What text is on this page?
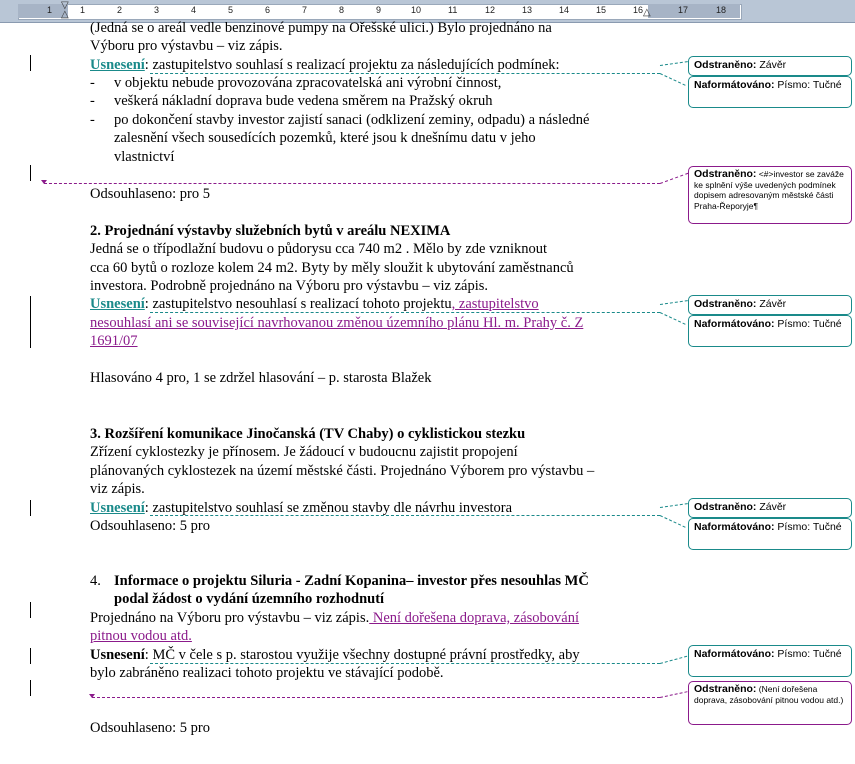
▽
△	△
1	1	2	3	4	5	6	7	8	9	10	11	12	13	14	15	16	17	18
(Jedná se o areál vedle benzinové pumpy na Ořešské ulici.) Bylo projednáno na
Výboru pro výstavbu – viz zápis.
Usnesení: zastupitelstvo souhlasí s realizací projektu za následujících podmínek:
- v objektu nebude provozována zpracovatelská ani výrobní činnost,
- veškerá nákladní doprava bude vedena směrem na Pražský okruh
- po dokončení stavby investor zajistí sanaci (odklizení zeminy, odpadu) a následné
zalesnění všech sousedících pozemků, které jsou k dnešnímu datu v jeho
vlastnictví
Odsouhlaseno: pro 5
2. Projednání výstavby služebních bytů v areálu NEXIMA
Jedná se o třípodlažní budovu o půdorysu cca 740 m2 . Mělo by zde vzniknout
cca 60 bytů o rozloze kolem 24 m2. Byty by měly sloužit k ubytování zaměstnanců
investora. Podrobně projednáno na Výboru pro výstavbu – viz zápis.
Usnesení: zastupitelstvo nesouhlasí s realizací tohoto projektu, zastupitelstvo
nesouhlasí ani se související navrhovanou změnou územního plánu Hl. m. Prahy č. Z
1691/07
Hlasováno 4 pro, 1 se zdržel hlasování – p. starosta Blažek
3. Rozšíření komunikace Jinočanská (TV Chaby) o cyklistickou stezku
Zřízení cyklostezky je přínosem. Je žádoucí v budoucnu zajistit propojení
plánovaných cyklostezek na území městské části. Projednáno Výborem pro výstavbu –
viz zápis.
Usnesení: zastupitelstvo souhlasí se změnou stavby dle návrhu investora
Odsouhlaseno: 5 pro
4. Informace o projektu Siluria - Zadní Kopanina– investor přes nesouhlas MČ
podal žádost o vydání územního rozhodnutí
Projednáno na Výboru pro výstavbu – viz zápis. Není dořešena doprava, zásobování
pitnou vodou atd.
Usnesení: MČ v čele s p. starostou využije všechny dostupné právní prostředky, aby
bylo zabráněno realizaci tohoto projektu ve stávající podobě.
Odsouhlaseno: 5 pro
Odstraněno: Závěr
Naformátováno: Písmo: Tučné
Odstraněno: <#>investor se zaváže ke splnění výše uvedených podmínek dopisem adresovaným městské části Praha-Řeporyje¶
Odstraněno: Závěr
Naformátováno: Písmo: Tučné
Odstraněno: Závěr
Naformátováno: Písmo: Tučné
Naformátováno: Písmo: Tučné
Odstraněno: (Není dořešena doprava, zásobování pitnou vodou atd.)
